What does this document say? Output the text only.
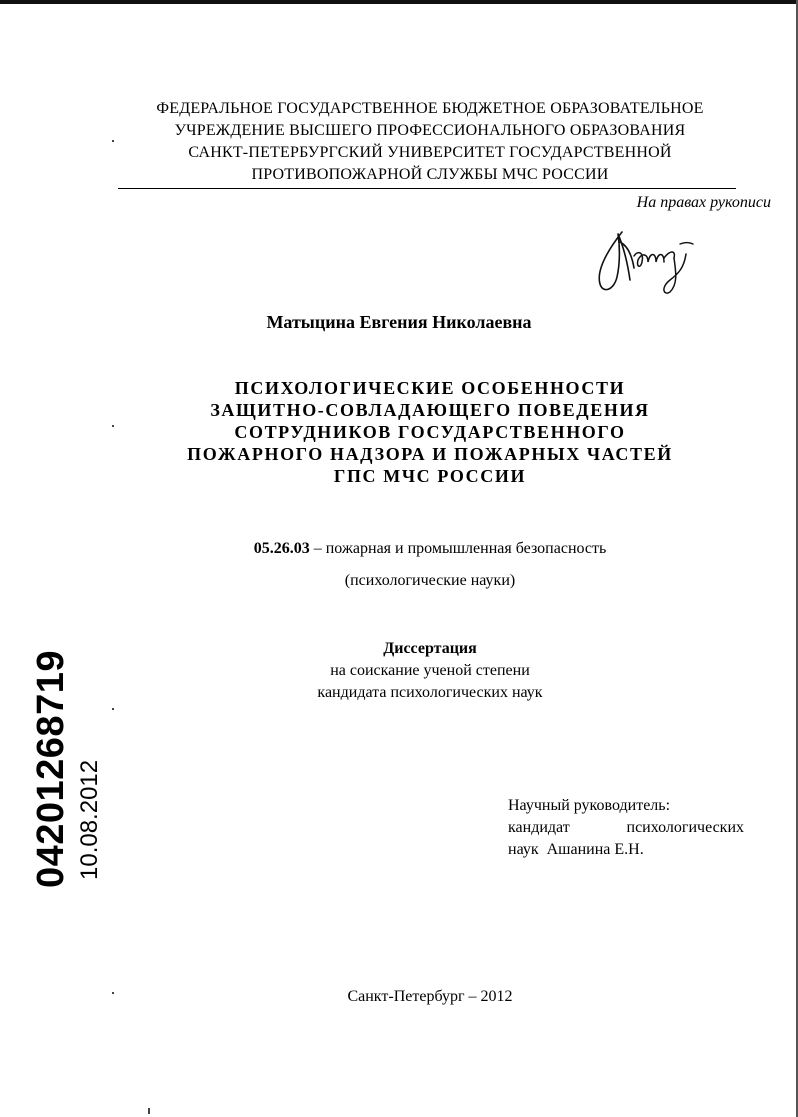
ФЕДЕРАЛЬНОЕ ГОСУДАРСТВЕННОЕ БЮДЖЕТНОЕ ОБРАЗОВАТЕЛЬНОЕ
УЧРЕЖДЕНИЕ ВЫСШЕГО ПРОФЕССИОНАЛЬНОГО ОБРАЗОВАНИЯ
САНКТ-ПЕТЕРБУРГСКИЙ УНИВЕРСИТЕТ ГОСУДАРСТВЕННОЙ
ПРОТИВОПОЖАРНОЙ СЛУЖБЫ МЧС РОССИИ
На правах рукописи
Матыцина Евгения Николаевна
ПСИХОЛОГИЧЕСКИЕ ОСОБЕННОСТИ
ЗАЩИТНО-СОВЛАДАЮЩЕГО ПОВЕДЕНИЯ
СОТРУДНИКОВ ГОСУДАРСТВЕННОГО
ПОЖАРНОГО НАДЗОРА И ПОЖАРНЫХ ЧАСТЕЙ
ГПС МЧС РОССИИ
05.26.03 – пожарная и промышленная безопасность
(психологические науки)
Диссертация
на соискание ученой степени
кандидата психологических наук
Научный руководитель:
кандидат психологических
наук  Ашанина Е.Н.
Санкт-Петербург – 2012
04201268719 10.08.2012
